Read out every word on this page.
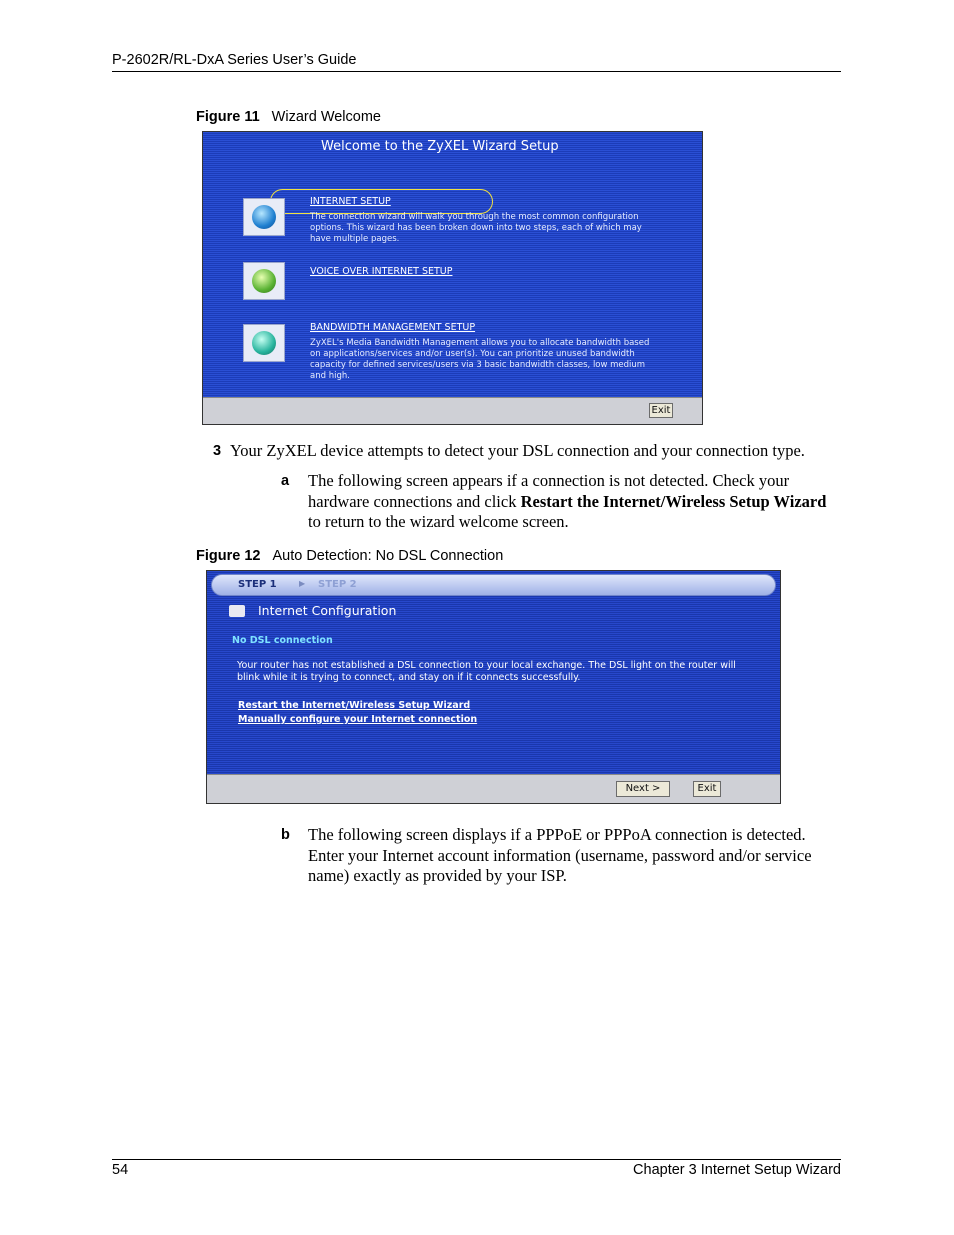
P-2602R/RL-DxA Series User’s Guide
Figure 11 Wizard Welcome
Welcome to the ZyXEL Wizard Setup
INTERNET SETUP
The connection wizard will walk you through the most common configuration options. This wizard has been broken down into two steps, each of which may have multiple pages.
VOICE OVER INTERNET SETUP
BANDWIDTH MANAGEMENT SETUP
ZyXEL's Media Bandwidth Management allows you to allocate bandwidth based on applications/services and/or user(s). You can prioritize unused bandwidth capacity for defined services/users via 3 basic bandwidth classes, low medium and high.
Exit
3 Your ZyXEL device attempts to detect your DSL connection and your connection type.
a The following screen appears if a connection is not detected. Check your hardware connections and click Restart the Internet/Wireless Setup Wizard to return to the wizard welcome screen.
Figure 12 Auto Detection: No DSL Connection
STEP 1	▶ STEP 2
Internet Configuration
No DSL connection
Your router has not established a DSL connection to your local exchange. The DSL light on the router will blink while it is trying to connect, and stay on if it connects successfully.
Restart the Internet/Wireless Setup Wizard
Manually configure your Internet connection
Next >	Exit
b The following screen displays if a PPPoE or PPPoA connection is detected. Enter your Internet account information (username, password and/or service name) exactly as provided by your ISP.
54	Chapter 3 Internet Setup Wizard
